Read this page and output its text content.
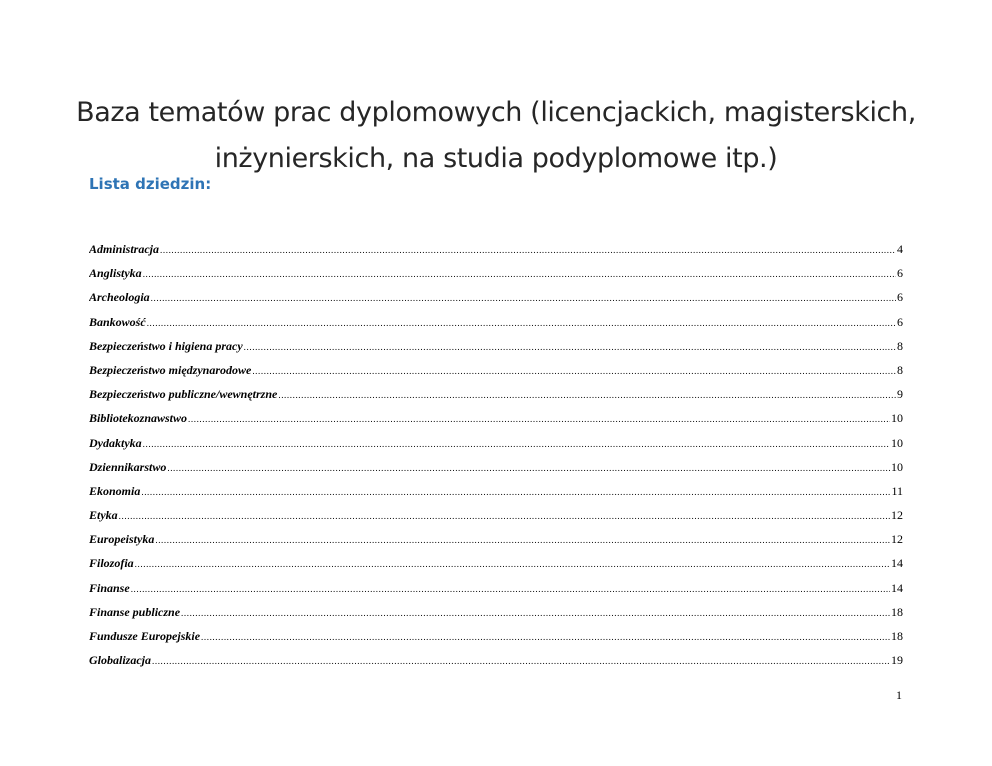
Baza tematów prac dyplomowych (licencjackich, magisterskich, inżynierskich, na studia podyplomowe itp.)
Lista dziedzin:
Administracja .....	4
Anglistyka .....	6
Archeologia .....	6
Bankowość .....	6
Bezpieczeństwo i higiena pracy .....	8
Bezpieczeństwo międzynarodowe .....	8
Bezpieczeństwo publiczne/wewnętrzne .....	9
Bibliotekoznawstwo .....	10
Dydaktyka .....	10
Dziennikarstwo .....	10
Ekonomia .....	11
Etyka .....	12
Europeistyka .....	12
Filozofia .....	14
Finanse .....	14
Finanse publiczne .....	18
Fundusze Europejskie .....	18
Globalizacja .....	19
1
